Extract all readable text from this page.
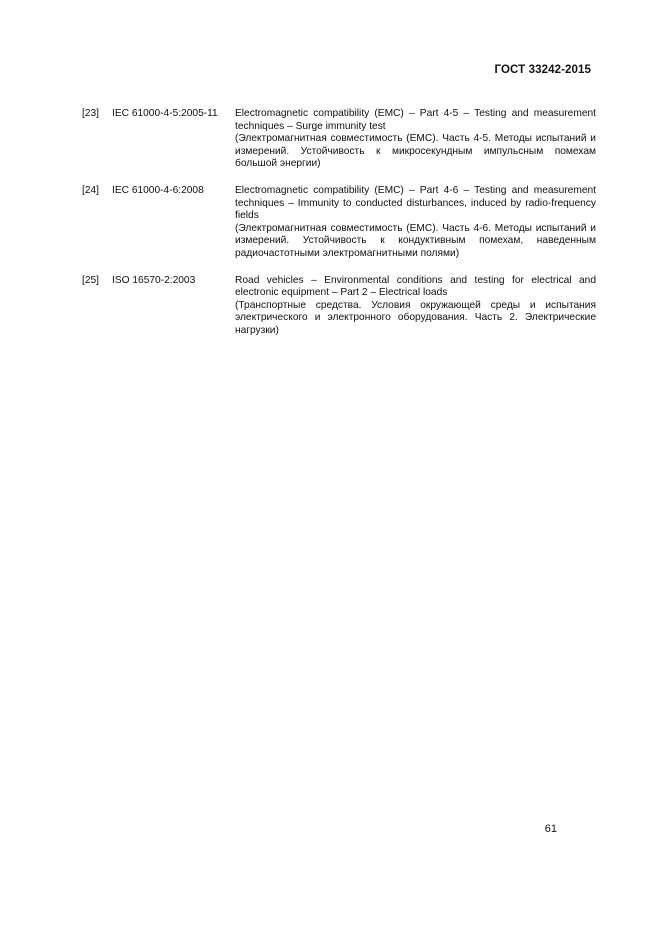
ГОСТ 33242-2015
[23]	IEC 61000-4-5:2005-11	Electromagnetic compatibility (EMC) – Part 4-5 – Testing and measurement techniques – Surge immunity test
(Электромагнитная совместимость (EMC). Часть 4-5. Методы испытаний и измерений. Устойчивость к микросекундным импульсным помехам большой энергии)
[24]	IEC 61000-4-6:2008	Electromagnetic compatibility (EMC) – Part 4-6 – Testing and measurement techniques – Immunity to conducted disturbances, induced by radio-frequency fields
(Электромагнитная совместимость (EMC). Часть 4-6. Методы испытаний и измерений. Устойчивость к кондуктивным помехам, наведенным радиочастотными электромагнитными полями)
[25]	ISO 16570-2:2003	Road vehicles – Environmental conditions and testing for electrical and electronic equipment – Part 2 – Electrical loads
(Транспортные средства. Условия окружающей среды и испытания электрического и электронного оборудования. Часть 2. Электрические нагрузки)
61
